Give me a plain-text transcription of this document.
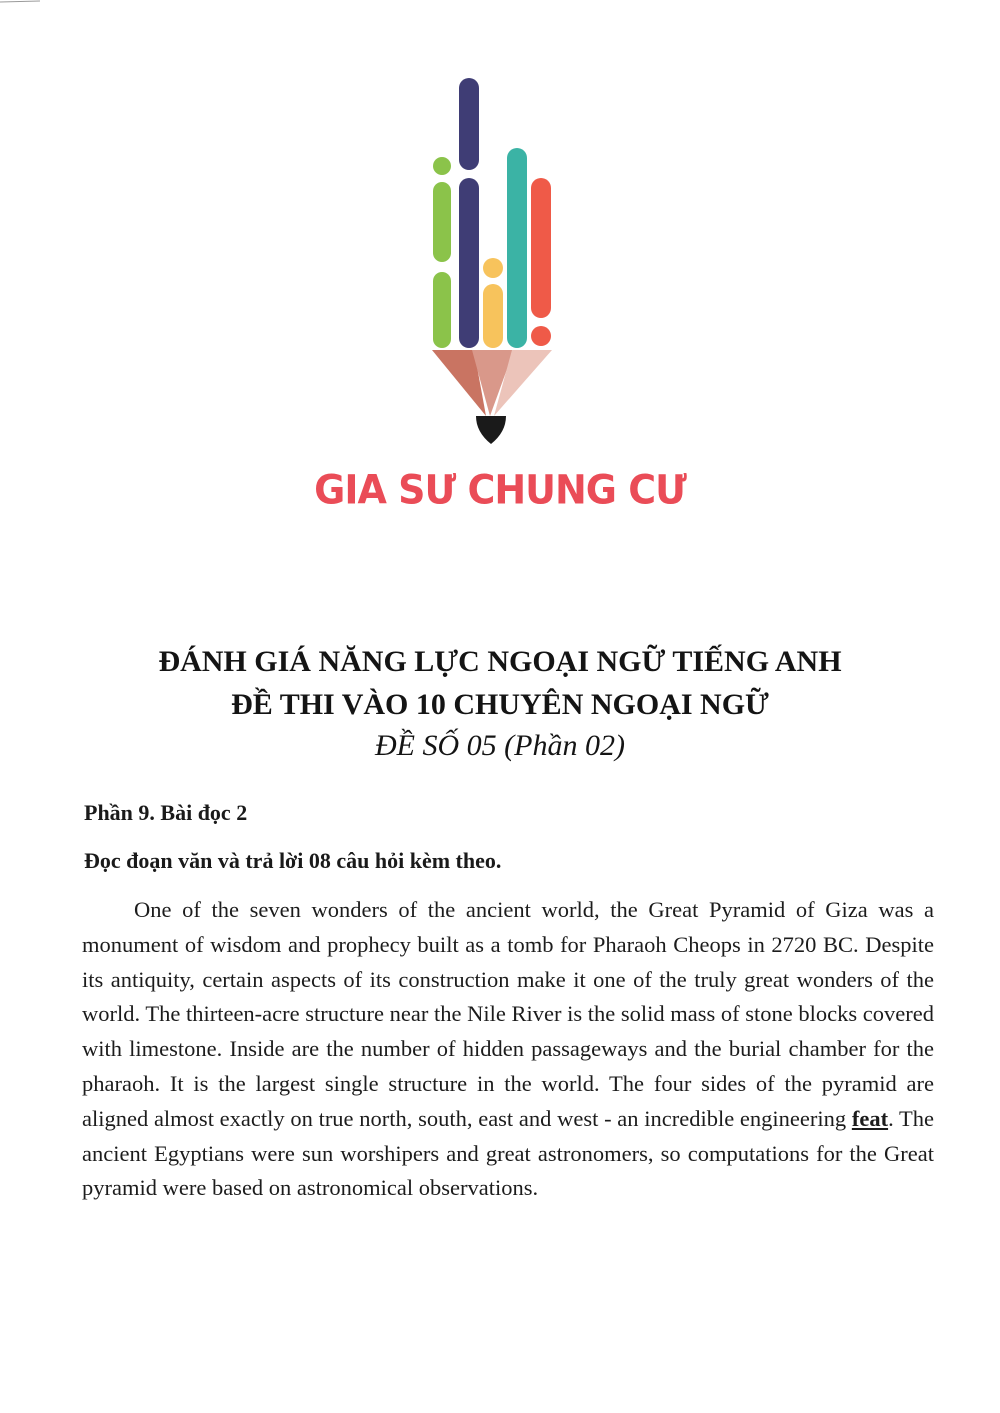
GIA SƯ CHUNG CƯ

ĐÁNH GIÁ NĂNG LỰC NGOẠI NGỮ TIẾNG ANH

ĐỀ THI VÀO 10 CHUYÊN NGOẠI NGỮ

ĐỀ SỐ 05 (Phần 02)

Phần 9. Bài đọc 2

Đọc đoạn văn và trả lời 08 câu hỏi kèm theo.

One of the seven wonders of the ancient world, the Great Pyramid of Giza was a monument of wisdom and prophecy built as a tomb for Pharaoh Cheops in 2720 BC. Despite its antiquity, certain aspects of its construction make it one of the truly great wonders of the world. The thirteen-acre structure near the Nile River is the solid mass of stone blocks covered with limestone. Inside are the number of hidden passageways and the burial chamber for the pharaoh. It is the largest single structure in the world. The four sides of the pyramid are aligned almost exactly on true north, south, east and west - an incredible engineering feat. The ancient Egyptians were sun worshipers and great astronomers, so computations for the Great pyramid were based on astronomical observations.
